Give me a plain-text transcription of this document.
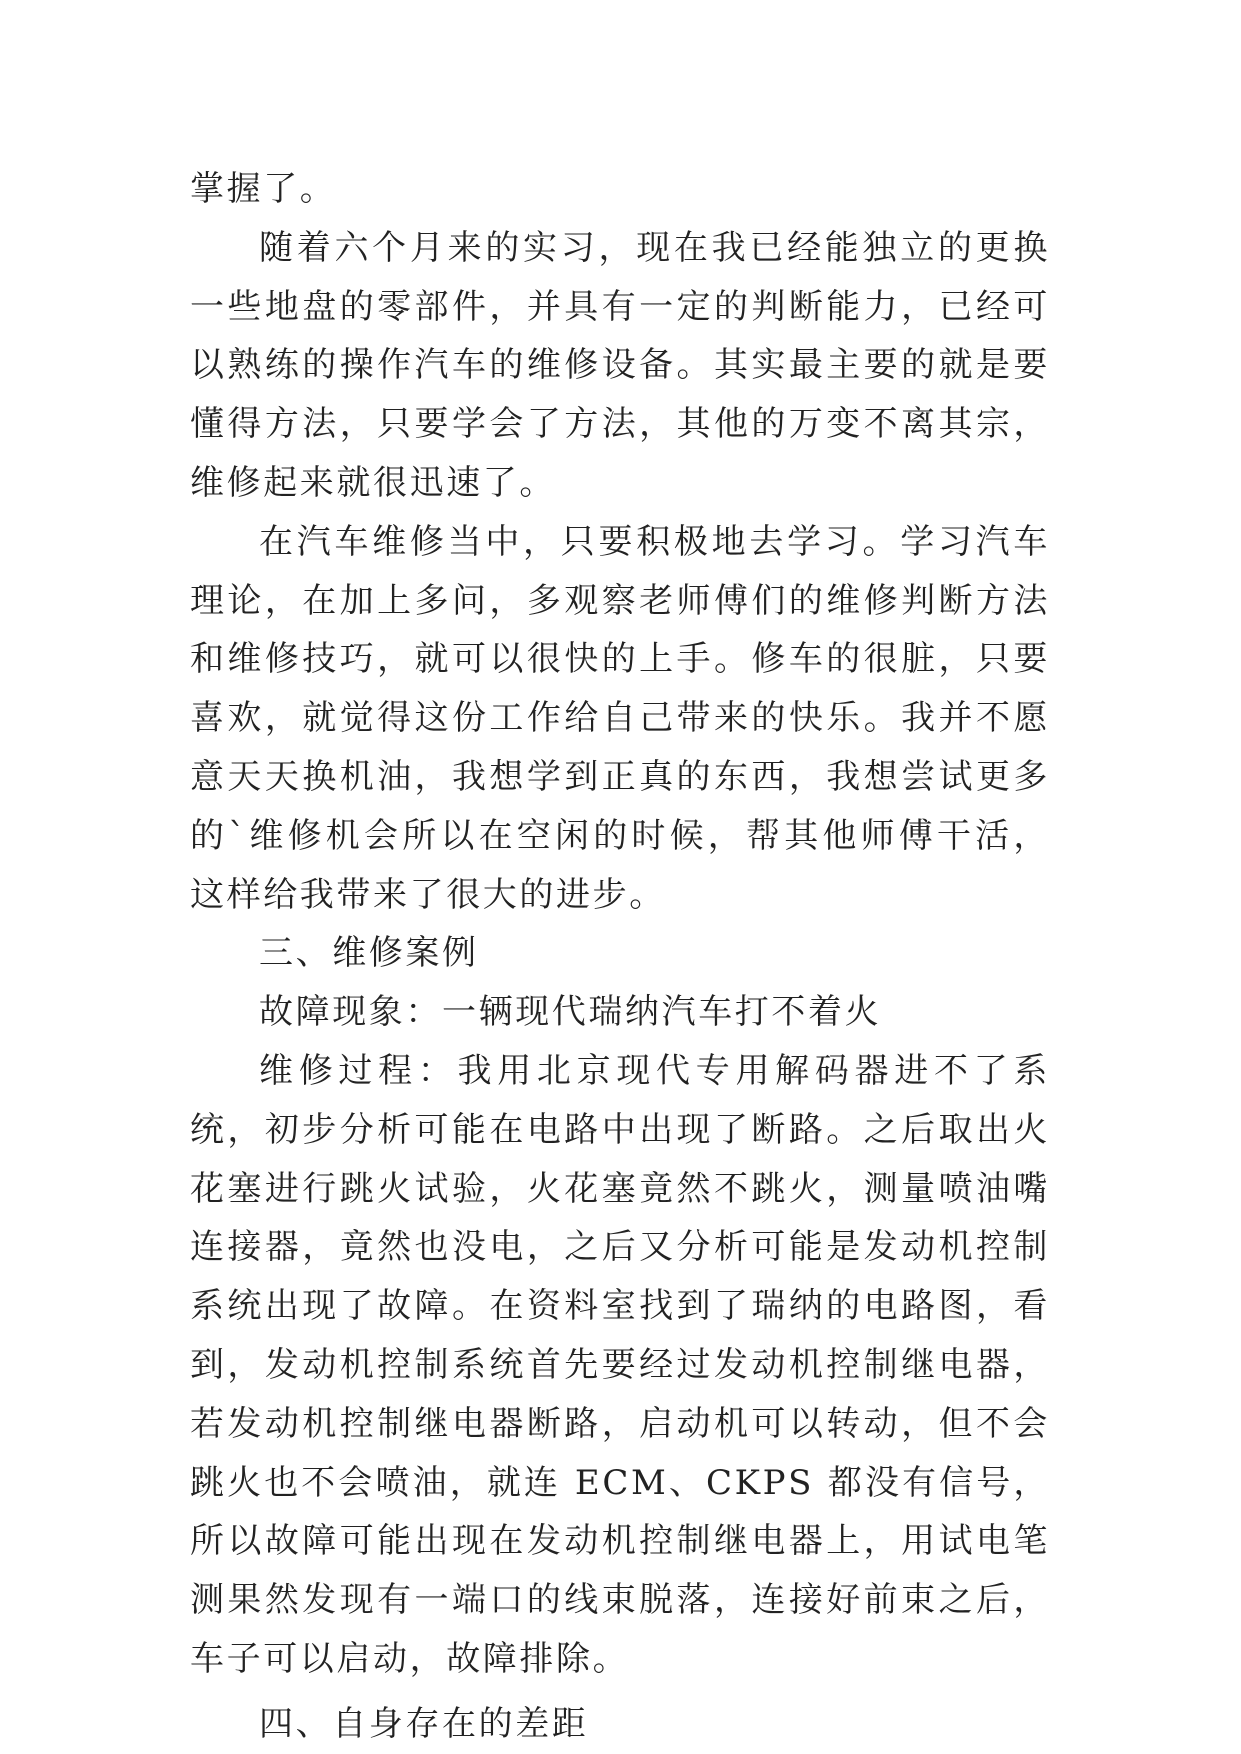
掌握了。

随着六个月来的实习，现在我已经能独立的更换一些地盘的零部件，并具有一定的判断能力，已经可以熟练的操作汽车的维修设备。其实最主要的就是要懂得方法，只要学会了方法，其他的万变不离其宗，维修起来就很迅速了。

在汽车维修当中，只要积极地去学习。学习汽车理论，在加上多问，多观察老师傅们的维修判断方法和维修技巧，就可以很快的上手。修车的很脏，只要喜欢，就觉得这份工作给自己带来的快乐。我并不愿意天天换机油，我想学到正真的东西，我想尝试更多的`维修机会所以在空闲的时候，帮其他师傅干活，这样给我带来了很大的进步。

三、维修案例

故障现象：一辆现代瑞纳汽车打不着火

维修过程：我用北京现代专用解码器进不了系统，初步分析可能在电路中出现了断路。之后取出火花塞进行跳火试验，火花塞竟然不跳火，测量喷油嘴连接器，竟然也没电，之后又分析可能是发动机控制系统出现了故障。在资料室找到了瑞纳的电路图，看到，发动机控制系统首先要经过发动机控制继电器，若发动机控制继电器断路，启动机可以转动，但不会跳火也不会喷油，就连 ECM、CKPS 都没有信号，所以故障可能出现在发动机控制继电器上，用试电笔测果然发现有一端口的线束脱落，连接好前束之后，车子可以启动，故障排除。

四、自身存在的差距
